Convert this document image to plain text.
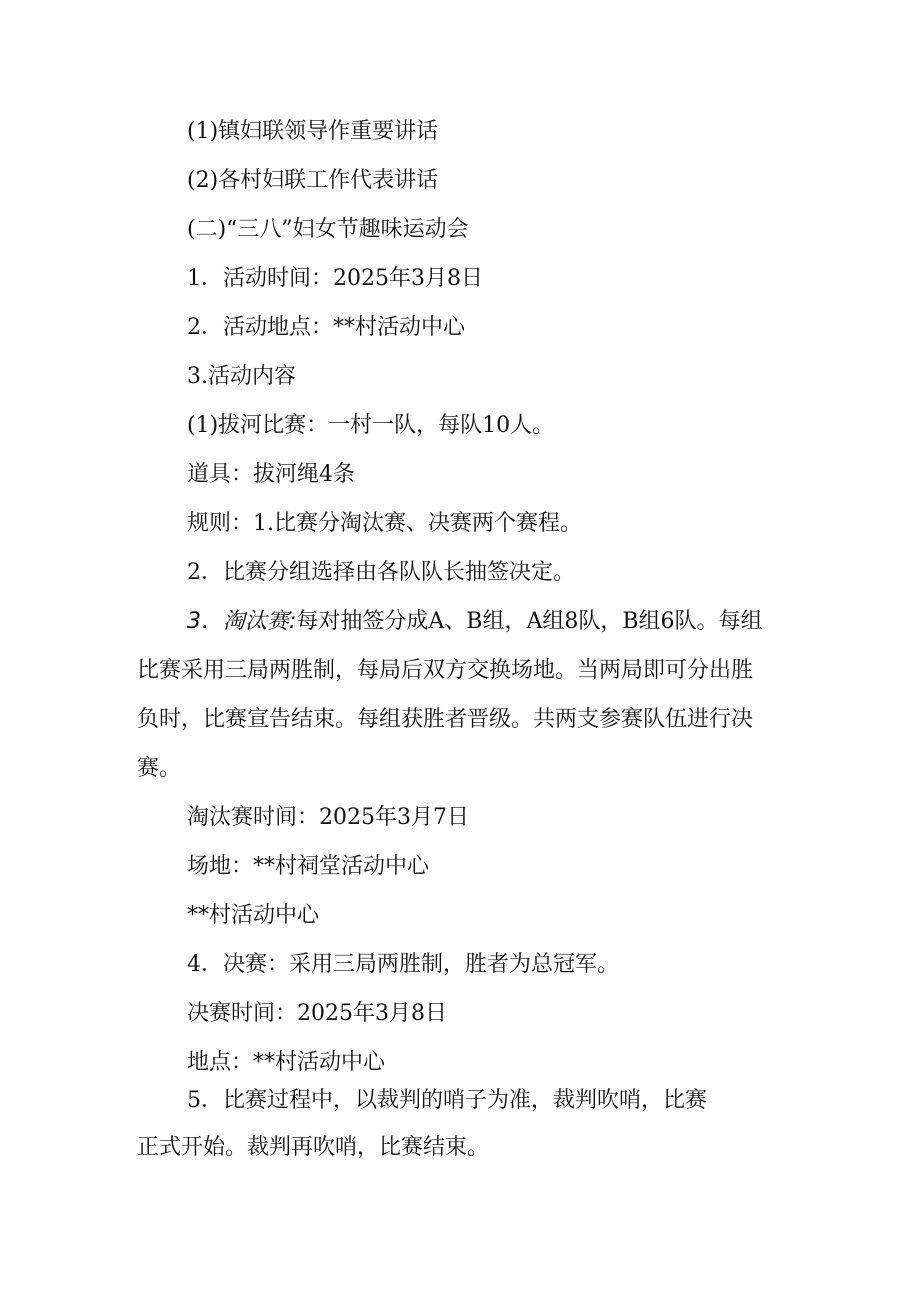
(1)镇妇联领导作重要讲话
(2)各村妇联工作代表讲话
(二)“三八”妇女节趣味运动会
1．活动时间：2025年3月8日
2．活动地点：**村活动中心
3.活动内容
(1)拔河比赛：一村一队，每队10人。
道具：拔河绳4条
规则：1.比赛分淘汰赛、决赛两个赛程。
2．比赛分组选择由各队队长抽签决定。
3．淘汰赛:每对抽签分成A、B组，A组8队，B组6队。每组
比赛采用三局两胜制，每局后双方交换场地。当两局即可分出胜
负时，比赛宣告结束。每组获胜者晋级。共两支参赛队伍进行决
赛。
淘汰赛时间：2025年3月7日
场地：**村祠堂活动中心
**村活动中心
4．决赛：采用三局两胜制，胜者为总冠军。
决赛时间：2025年3月8日
地点：**村活动中心
5．比赛过程中，以裁判的哨子为准，裁判吹哨，比赛
正式开始。裁判再吹哨，比赛结束。
